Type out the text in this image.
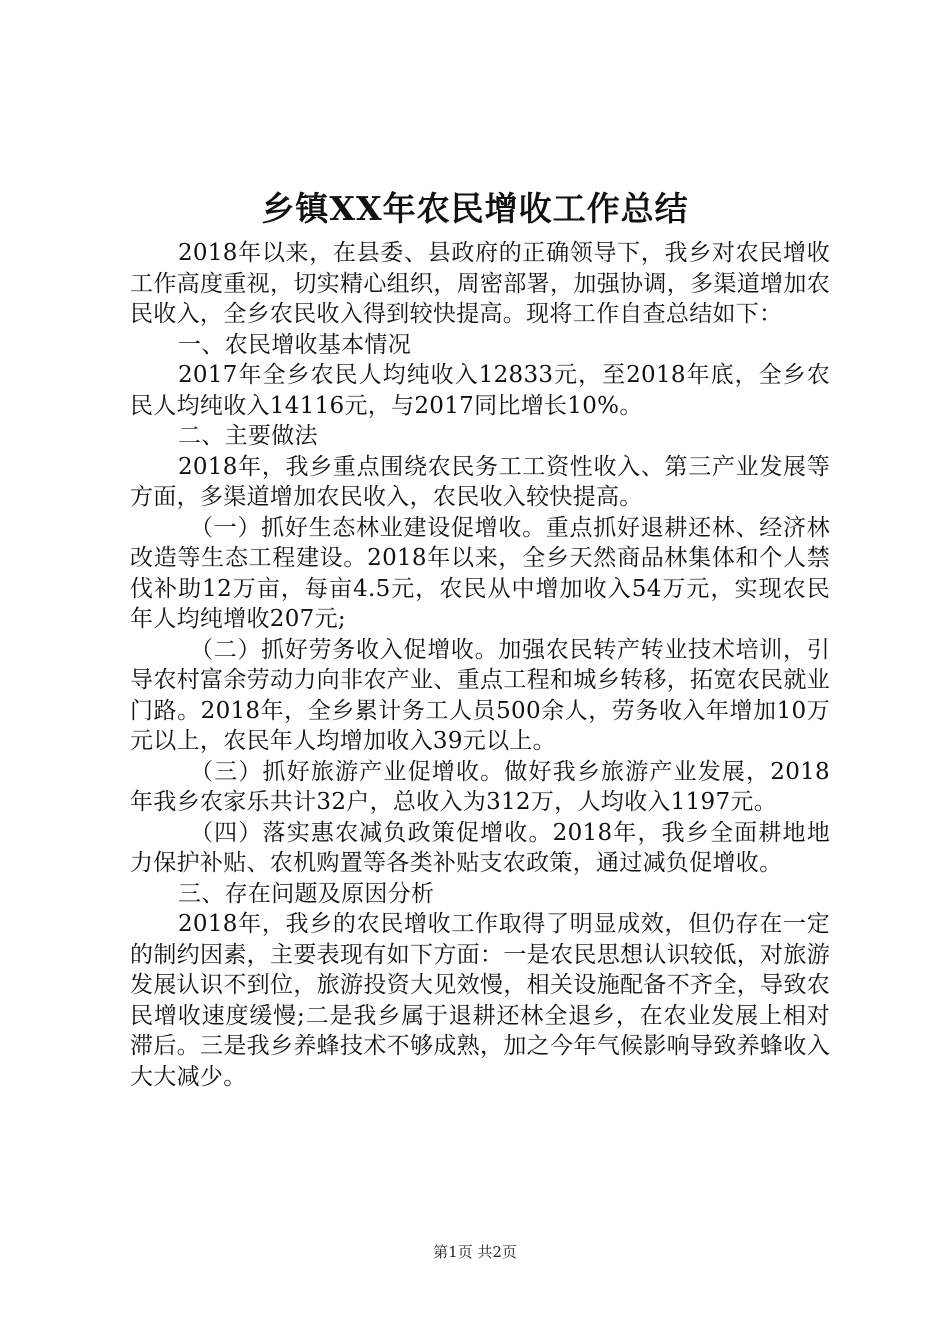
乡镇XX年农民增收工作总结

2018年以来，在县委、县政府的正确领导下，我乡对农民增收工作高度重视，切实精心组织，周密部署，加强协调，多渠道增加农民收入，全乡农民收入得到较快提高。现将工作自查总结如下：

一、农民增收基本情况

2017年全乡农民人均纯收入12833元，至2018年底，全乡农民人均纯收入14116元，与2017同比增长10%。

二、主要做法

2018年，我乡重点围绕农民务工工资性收入、第三产业发展等方面，多渠道增加农民收入，农民收入较快提高。

（一）抓好生态林业建设促增收。重点抓好退耕还林、经济林改造等生态工程建设。2018年以来，全乡天然商品林集体和个人禁伐补助12万亩，每亩4.5元，农民从中增加收入54万元，实现农民年人均纯增收207元;

（二）抓好劳务收入促增收。加强农民转产转业技术培训，引导农村富余劳动力向非农产业、重点工程和城乡转移，拓宽农民就业门路。2018年，全乡累计务工人员500余人，劳务收入年增加10万元以上，农民年人均增加收入39元以上。

（三）抓好旅游产业促增收。做好我乡旅游产业发展，2018年我乡农家乐共计32户，总收入为312万，人均收入1197元。

（四）落实惠农减负政策促增收。2018年，我乡全面耕地地力保护补贴、农机购置等各类补贴支农政策，通过减负促增收。

三、存在问题及原因分析

2018年，我乡的农民增收工作取得了明显成效，但仍存在一定的制约因素，主要表现有如下方面：一是农民思想认识较低，对旅游发展认识不到位，旅游投资大见效慢，相关设施配备不齐全，导致农民增收速度缓慢;二是我乡属于退耕还林全退乡，在农业发展上相对滞后。三是我乡养蜂技术不够成熟，加之今年气候影响导致养蜂收入大大减少。

第1页 共2页
